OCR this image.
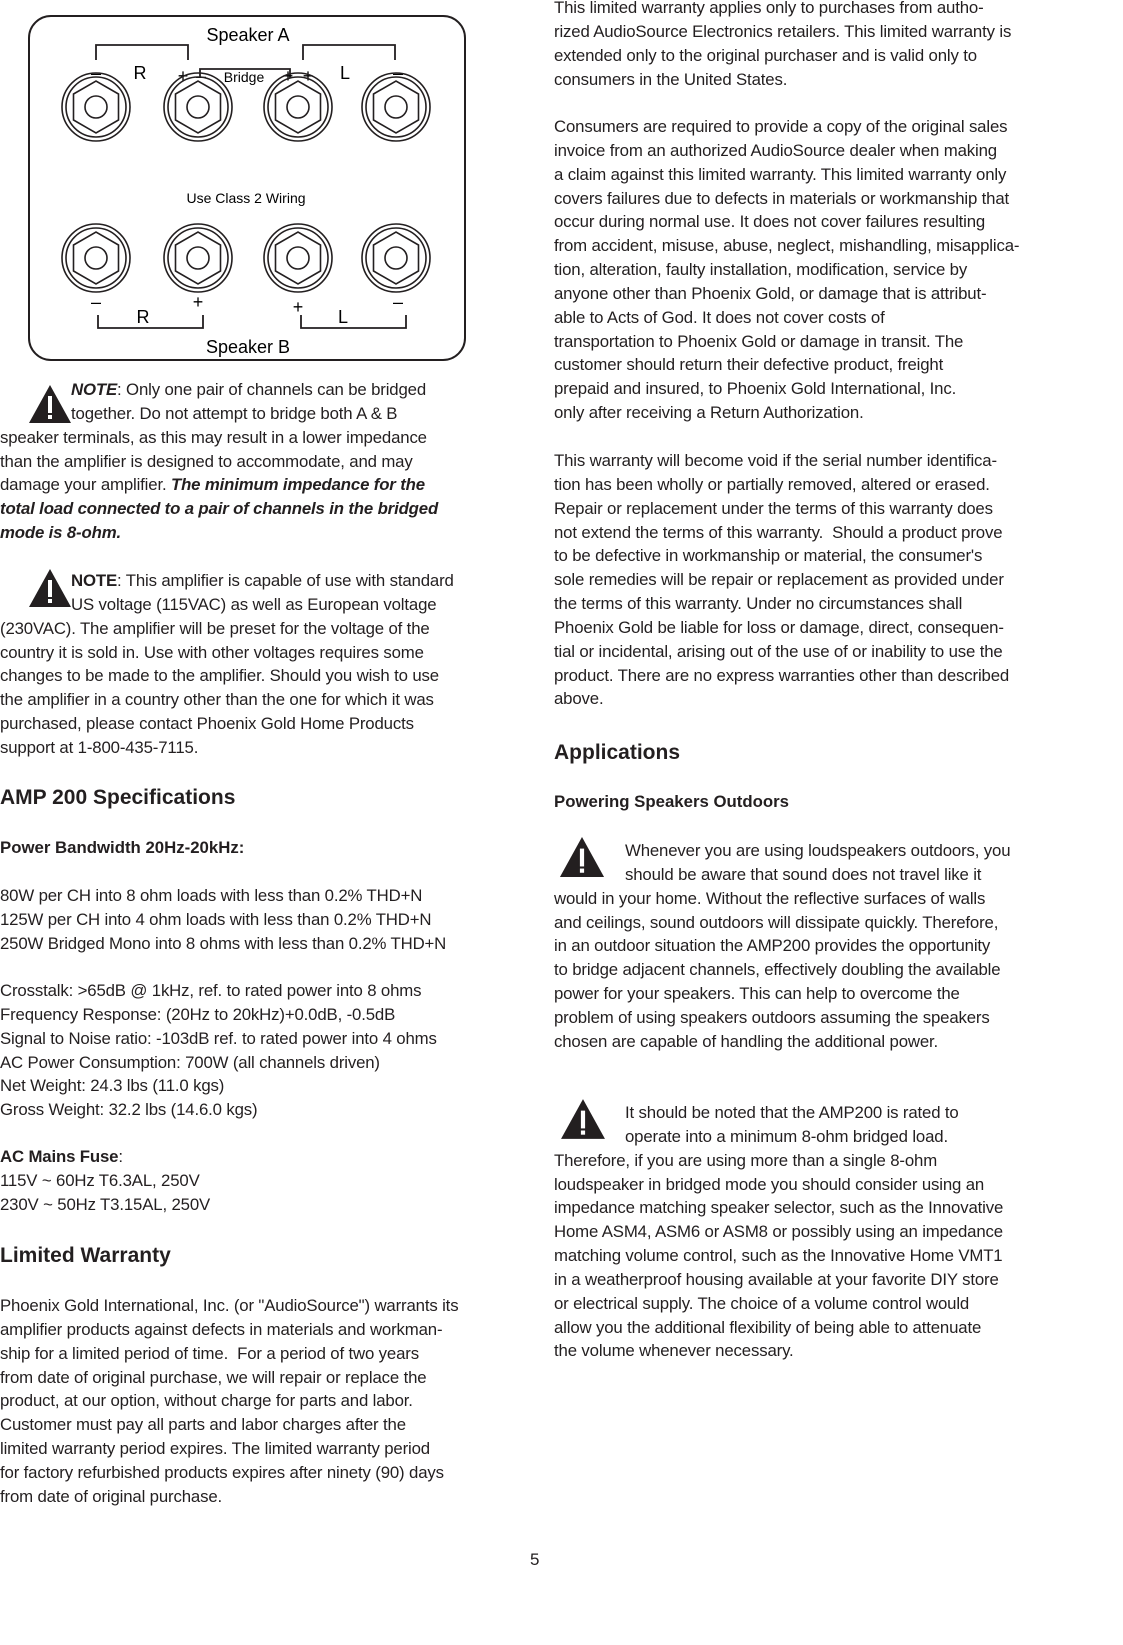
Speaker A
Speaker B
Use Class 2 Wiring
Bridge
– R + –	+ + L –
–	+
R	+ L
–
NOTE: Only one pair of channels can be bridged
together. Do not attempt to bridge both A & B
speaker terminals, as this may result in a lower impedance
than the amplifier is designed to accommodate, and may
damage your amplifier. The minimum impedance for the
total load connected to a pair of channels in the bridged
mode is 8-ohm.
NOTE: This amplifier is capable of use with standard
US voltage (115VAC) as well as European voltage
(230VAC). The amplifier will be preset for the voltage of the
country it is sold in. Use with other voltages requires some
changes to be made to the amplifier. Should you wish to use
the amplifier in a country other than the one for which it was
purchased, please contact Phoenix Gold Home Products
support at 1-800-435-7115.
AMP 200 Specifications
Power Bandwidth 20Hz-20kHz:
80W per CH into 8 ohm loads with less than 0.2% THD+N
125W per CH into 4 ohm loads with less than 0.2% THD+N
250W Bridged Mono into 8 ohms with less than 0.2% THD+N
Crosstalk: >65dB @ 1kHz, ref. to rated power into 8 ohms
Frequency Response: (20Hz to 20kHz)+0.0dB, -0.5dB
Signal to Noise ratio: -103dB ref. to rated power into 4 ohms
AC Power Consumption: 700W (all channels driven)
Net Weight: 24.3 lbs (11.0 kgs)
Gross Weight: 32.2 lbs (14.6.0 kgs)
AC Mains Fuse:
115V ~ 60Hz T6.3AL, 250V
230V ~ 50Hz T3.15AL, 250V
Limited Warranty
Phoenix Gold International, Inc. (or "AudioSource") warrants its
amplifier products against defects in materials and workman-
ship for a limited period of time.  For a period of two years
from date of original purchase, we will repair or replace the
product, at our option, without charge for parts and labor.
Customer must pay all parts and labor charges after the
limited warranty period expires. The limited warranty period
for factory refurbished products expires after ninety (90) days
from date of original purchase.
This limited warranty applies only to purchases from autho-
rized AudioSource Electronics retailers. This limited warranty is
extended only to the original purchaser and is valid only to
consumers in the United States.
Consumers are required to provide a copy of the original sales
invoice from an authorized AudioSource dealer when making
a claim against this limited warranty. This limited warranty only
covers failures due to defects in materials or workmanship that
occur during normal use. It does not cover failures resulting
from accident, misuse, abuse, neglect, mishandling, misapplica-
tion, alteration, faulty installation, modification, service by
anyone other than Phoenix Gold, or damage that is attribut-
able to Acts of God. It does not cover costs of
transportation to Phoenix Gold or damage in transit. The
customer should return their defective product, freight
prepaid and insured, to Phoenix Gold International, Inc.
only after receiving a Return Authorization.
This warranty will become void if the serial number identifica-
tion has been wholly or partially removed, altered or erased.
Repair or replacement under the terms of this warranty does
not extend the terms of this warranty.  Should a product prove
to be defective in workmanship or material, the consumer's
sole remedies will be repair or replacement as provided under
the terms of this warranty. Under no circumstances shall
Phoenix Gold be liable for loss or damage, direct, consequen-
tial or incidental, arising out of the use of or inability to use the
product. There are no express warranties other than described
above.
Applications
Powering Speakers Outdoors
Whenever you are using loudspeakers outdoors, you
should be aware that sound does not travel like it
would in your home. Without the reflective surfaces of walls
and ceilings, sound outdoors will dissipate quickly. Therefore,
in an outdoor situation the AMP200 provides the opportunity
to bridge adjacent channels, effectively doubling the available
power for your speakers. This can help to overcome the
problem of using speakers outdoors assuming the speakers
chosen are capable of handling the additional power.
It should be noted that the AMP200 is rated to
operate into a minimum 8-ohm bridged load.
Therefore, if you are using more than a single 8-ohm
loudspeaker in bridged mode you should consider using an
impedance matching speaker selector, such as the Innovative
Home ASM4, ASM6 or ASM8 or possibly using an impedance
matching volume control, such as the Innovative Home VMT1
in a weatherproof housing available at your favorite DIY store
or electrical supply. The choice of a volume control would
allow you the additional flexibility of being able to attenuate
the volume whenever necessary.
5
